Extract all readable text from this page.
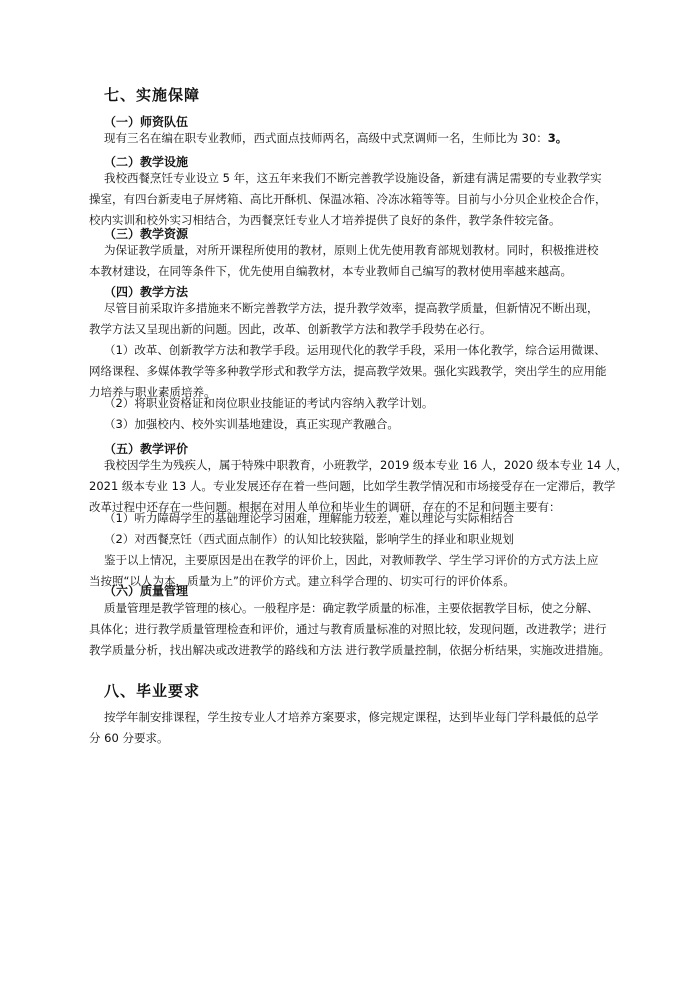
七、实施保障
（一）师资队伍
现有三名在编在职专业教师，西式面点技师两名，高级中式烹调师一名，生师比为 30：3。
（二）教学设施
我校西餐烹饪专业设立 5 年，这五年来我们不断完善教学设施设备，新建有满足需要的专业教学实
操室，有四台新麦电子屏烤箱、高比开酥机、保温冰箱、冷冻冰箱等等。目前与小分贝企业校企合作，
校内实训和校外实习相结合，为西餐烹饪专业人才培养提供了良好的条件，教学条件较完备。
（三）教学资源
为保证教学质量，对所开课程所使用的教材，原则上优先使用教育部规划教材。同时，积极推进校
本教材建设，在同等条件下，优先使用自编教材，本专业教师自己编写的教材使用率越来越高。
（四）教学方法
尽管目前采取许多措施来不断完善教学方法，提升教学效率，提高教学质量，但新情况不断出现，
教学方法又呈现出新的问题。因此，改革、创新教学方法和教学手段势在必行。
（1）改革、创新教学方法和教学手段。运用现代化的教学手段，采用一体化教学，综合运用微课、
网络课程、多媒体教学等多种教学形式和教学方法，提高教学效果。强化实践教学，突出学生的应用能
力培养与职业素质培养。
（2）将职业资格证和岗位职业技能证的考试内容纳入教学计划。
（3）加强校内、校外实训基地建设，真正实现产教融合。
（五）教学评价
我校因学生为残疾人，属于特殊中职教育，小班教学，2019 级本专业 16 人，2020 级本专业 14 人，
2021 级本专业 13 人。专业发展还存在着一些问题，比如学生教学情况和市场接受存在一定滞后，教学
改革过程中还存在一些问题。根据在对用人单位和毕业生的调研，存在的不足和问题主要有：
（1）听力障碍学生的基础理论学习困难，理解能力较差，难以理论与实际相结合
（2）对西餐烹饪（西式面点制作）的认知比较狭隘，影响学生的择业和职业规划
鉴于以上情况，主要原因是出在教学的评价上，因此，对教师教学、学生学习评价的方式方法上应
当按照“以人为本，质量为上”的评价方式。建立科学合理的、切实可行的评价体系。
（六）质量管理
质量管理是教学管理的核心。一般程序是：确定教学质量的标准，主要依据教学目标，使之分解、
具体化；进行教学质量管理检查和评价，通过与教育质量标准的对照比较，发现问题，改进教学；进行
教学质量分析，找出解决或改进教学的路线和方法 进行教学质量控制，依据分析结果，实施改进措施。
八、毕业要求
按学年制安排课程，学生按专业人才培养方案要求，修完规定课程，达到毕业每门学科最低的总学
分 60 分要求。
